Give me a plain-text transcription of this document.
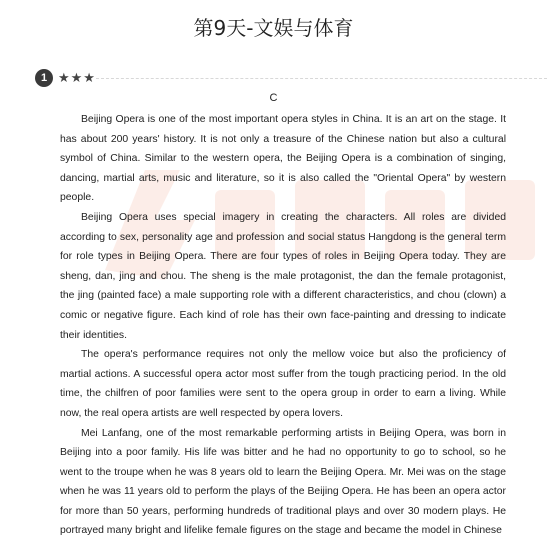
第9天-文娱与体育
1 ★★★
C

Beijing Opera is one of the most important opera styles in China. It is an art on the stage. It has about 200 years' history. It is not only a treasure of the Chinese nation but also a cultural symbol of China. Similar to the western opera, the Beijing Opera is a combination of singing, dancing, martial arts, music and literature, so it is also called the "Oriental Opera" by western people.

Beijing Opera uses special imagery in creating the characters. All roles are divided according to sex, personality age and profession and social status Hangdong is the general term for role types in Beijing Opera. There are four types of roles in Beijing Opera today. They are sheng, dan, jing and chou. The sheng is the male protagonist, the dan the female protagonist, the jing (painted face) a male supporting role with a different characteristics, and chou (clown) a comic or negative figure. Each kind of role has their own face-painting and dressing to indicate their identities.

The opera's performance requires not only the mellow voice but also the proficiency of martial actions. A successful opera actor most suffer from the tough practicing period. In the old time, the chilfren of poor families were sent to the opera group in order to earn a living. While now, the real opera artists are well respected by opera lovers.

Mei Lanfang, one of the most remarkable performing artists in Beijing Opera, was born in Beijing into a poor family. His life was bitter and he had no opportunity to go to school, so he went to the troupe when he was 8 years old to learn the Beijing Opera. Mr. Mei was on the stage when he was 11 years old to perform the plays of the Beijing Opera. He has been an opera actor for more than 50 years, performing hundreds of traditional plays and over 30 modern plays. He portrayed many bright and lifelike female figures on the stage and became the model in Chinese
